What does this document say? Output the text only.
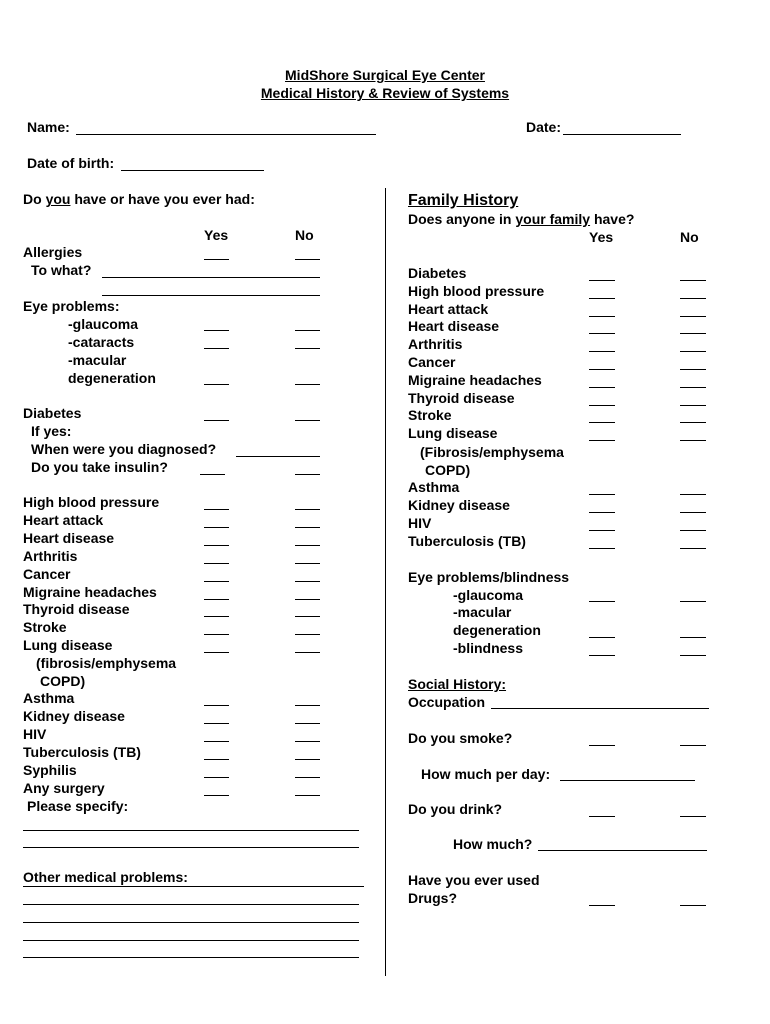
MidShore Surgical Eye Center
Medical History & Review of Systems
Name:	Date:
Date of birth:
Do you have or have you ever had:
Yes	No
Allergies
To what?
Eye problems:
-glaucoma
-cataracts
-macular
degeneration
Diabetes
If yes:
When were you diagnosed?
Do you take insulin?
High blood pressure
Heart attack
Heart disease
Arthritis
Cancer
Migraine headaches
Thyroid disease
Stroke
Lung disease
(fibrosis/emphysema
COPD)
Asthma
Kidney disease
HIV
Tuberculosis (TB)
Syphilis
Any surgery
Please specify:
Other medical problems:
Family History
Does anyone in your family have?
Yes	No
Diabetes
High blood pressure
Heart attack
Heart disease
Arthritis
Cancer
Migraine headaches
Thyroid disease
Stroke
Lung disease
(Fibrosis/emphysema
COPD)
Asthma
Kidney disease
HIV
Tuberculosis (TB)
Eye problems/blindness
-glaucoma
-macular
degeneration
-blindness
Social History:
Occupation
Do you smoke?
How much per day:
Do you drink?
How much?
Have you ever used
Drugs?
